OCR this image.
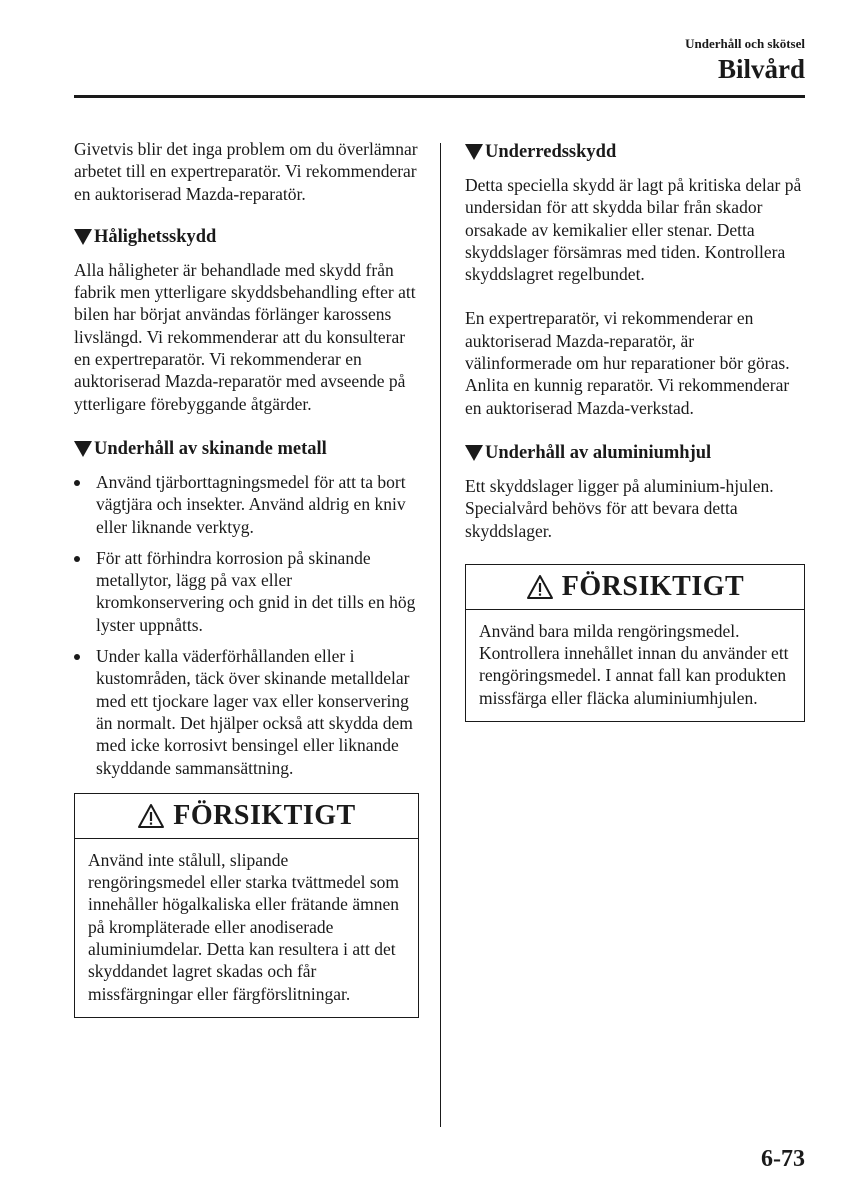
Underhåll och skötsel
Bilvård

Givetvis blir det inga problem om du överlämnar arbetet till en expertreparatör. Vi rekommenderar en auktoriserad Mazda-reparatör.

Hålighetsskydd

Alla håligheter är behandlade med skydd från fabrik men ytterligare skyddsbehandling efter att bilen har börjat användas förlänger karossens livslängd. Vi rekommenderar att du konsulterar en expertreparatör. Vi rekommenderar en auktoriserad Mazda-reparatör med avseende på ytterligare förebyggande åtgärder.

Underhåll av skinande metall
Använd tjärborttagningsmedel för att ta bort vägtjära och insekter. Använd aldrig en kniv eller liknande verktyg.
För att förhindra korrosion på skinande metallytor, lägg på vax eller kromkonservering och gnid in det tills en hög lyster uppnåtts.
Under kalla väderförhållanden eller i kustområden, täck över skinande metalldelar med ett tjockare lager vax eller konservering än normalt. Det hjälper också att skydda dem med icke korrosivt bensingel eller liknande skyddande sammansättning.
FÖRSIKTIGT

Använd inte stålull, slipande rengöringsmedel eller starka tvättmedel som innehåller högalkaliska eller frätande ämnen på krompläterade eller anodiserade aluminiumdelar. Detta kan resultera i att det skyddandet lagret skadas och får missfärgningar eller färgförslitningar.

Underredsskydd

Detta speciella skydd är lagt på kritiska delar på undersidan för att skydda bilar från skador orsakade av kemikalier eller stenar. Detta skyddslager försämras med tiden. Kontrollera skyddslagret regelbundet.

En expertreparatör, vi rekommenderar en auktoriserad Mazda-reparatör, är välinformerade om hur reparationer bör göras. Anlita en kunnig reparatör. Vi rekommenderar en auktoriserad Mazda-verkstad.

Underhåll av aluminiumhjul

Ett skyddslager ligger på aluminium-hjulen. Specialvård behövs för att bevara detta skyddslager.

FÖRSIKTIGT

Använd bara milda rengöringsmedel. Kontrollera innehållet innan du använder ett rengöringsmedel. I annat fall kan produkten missfärga eller fläcka aluminiumhjulen.

6-73
